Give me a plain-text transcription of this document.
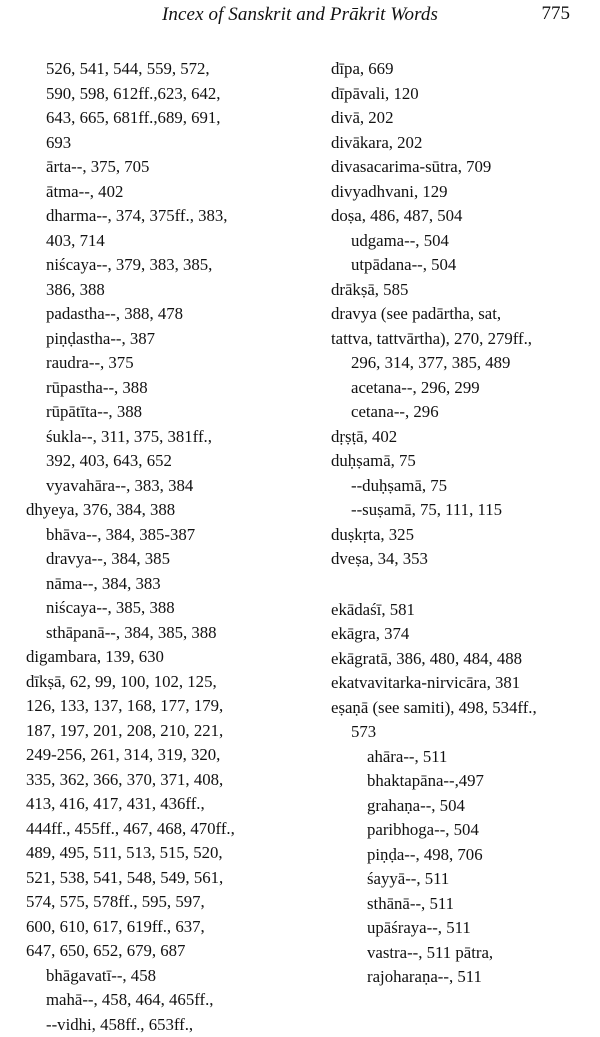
Incex of Sanskrit and Prākrit Words	775
526, 541, 544, 559, 572,
590, 598, 612ff.,623, 642,
643, 665, 681ff.,689, 691,
693
ārta--, 375, 705
ātma--, 402
dharma--, 374, 375ff., 383,
403, 714
niścaya--, 379, 383, 385,
386, 388
padastha--, 388, 478
piṇḍastha--, 387
raudra--, 375
rūpastha--, 388
rūpātīta--, 388
śukla--, 311, 375, 381ff.,
392, 403, 643, 652
vyavahāra--, 383, 384
dhyeya, 376, 384, 388
bhāva--, 384, 385-387
dravya--, 384, 385
nāma--, 384, 383
niścaya--, 385, 388
sthāpanā--, 384, 385, 388
digambara, 139, 630
dīkṣā, 62, 99, 100, 102, 125,
126, 133, 137, 168, 177, 179,
187, 197, 201, 208, 210, 221,
249-256, 261, 314, 319, 320,
335, 362, 366, 370, 371, 408,
413, 416, 417, 431, 436ff.,
444ff., 455ff., 467, 468, 470ff.,
489, 495, 511, 513, 515, 520,
521, 538, 541, 548, 549, 561,
574, 575, 578ff., 595, 597,
600, 610, 617, 619ff., 637,
647, 650, 652, 679, 687
bhāgavatī--, 458
mahā--, 458, 464, 465ff.,
--vidhi, 458ff., 653ff.,
dīpa, 669
dīpāvali, 120
divā, 202
divākara, 202
divasacarima-sūtra, 709
divyadhvani, 129
doṣa, 486, 487, 504
udgama--, 504
utpādana--, 504
drākṣā, 585
dravya (see padārtha, sat,
tattva, tattvārtha), 270, 279ff.,
296, 314, 377, 385, 489
acetana--, 296, 299
cetana--, 296
dṛṣṭā, 402
duḥṣamā, 75
--duḥṣamā, 75
--suṣamā, 75, 111, 115
duṣkṛta, 325
dveṣa, 34, 353
ekādaśī, 581
ekāgra, 374
ekāgratā, 386, 480, 484, 488
ekatvavitarka-nirvicāra, 381
eṣaṇā (see samiti), 498, 534ff.,
573
ahāra--, 511
bhaktapāna--,497
grahaṇa--, 504
paribhoga--, 504
piṇḍa--, 498, 706
śayyā--, 511
sthānā--, 511
upāśraya--, 511
vastra--, 511 pātra,
rajoharaṇa--, 511
